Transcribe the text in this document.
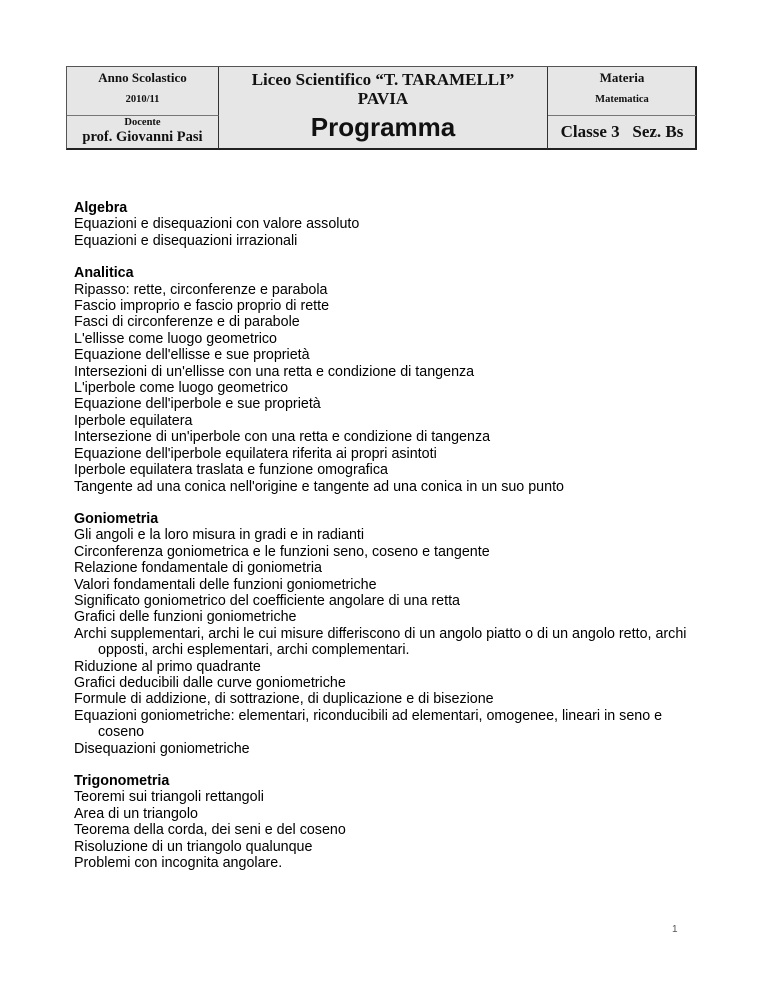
Anno Scolastico
2010/11
Docente
prof. Giovanni Pasi
Liceo Scientifico “T. TARAMELLI”
PAVIA
Programma
Materia
Matematica
Classe 3   Sez. Bs
Algebra
Equazioni e disequazioni con valore assoluto
Equazioni e disequazioni irrazionali
Analitica
Ripasso: rette, circonferenze e parabola
Fascio improprio e fascio proprio di rette
Fasci di circonferenze e di parabole
L'ellisse come luogo geometrico
Equazione dell'ellisse e sue proprietà
Intersezioni di un'ellisse con una retta e condizione di tangenza
L'iperbole come luogo geometrico
Equazione dell'iperbole e sue proprietà
Iperbole equilatera
Intersezione di un'iperbole con una retta e condizione di tangenza
Equazione dell'iperbole equilatera riferita ai propri asintoti
Iperbole equilatera traslata e funzione omografica
Tangente ad una conica nell'origine e tangente ad una conica in un suo punto
Goniometria
Gli angoli e la loro misura in gradi e in radianti
Circonferenza goniometrica e le funzioni seno, coseno e tangente
Relazione fondamentale di goniometria
Valori fondamentali delle funzioni goniometriche
Significato goniometrico del coefficiente angolare di una retta
Grafici delle funzioni goniometriche
Archi supplementari, archi le cui misure differiscono di un angolo piatto o di un angolo retto, archi opposti, archi esplementari, archi complementari.
Riduzione al primo quadrante
Grafici deducibili dalle curve goniometriche
Formule di addizione, di sottrazione, di duplicazione e di bisezione
Equazioni goniometriche: elementari, riconducibili ad elementari, omogenee, lineari in seno e coseno
Disequazioni goniometriche
Trigonometria
Teoremi sui triangoli rettangoli
Area di un triangolo
Teorema della corda, dei seni e del coseno
Risoluzione di un triangolo qualunque
Problemi con incognita angolare.
1
